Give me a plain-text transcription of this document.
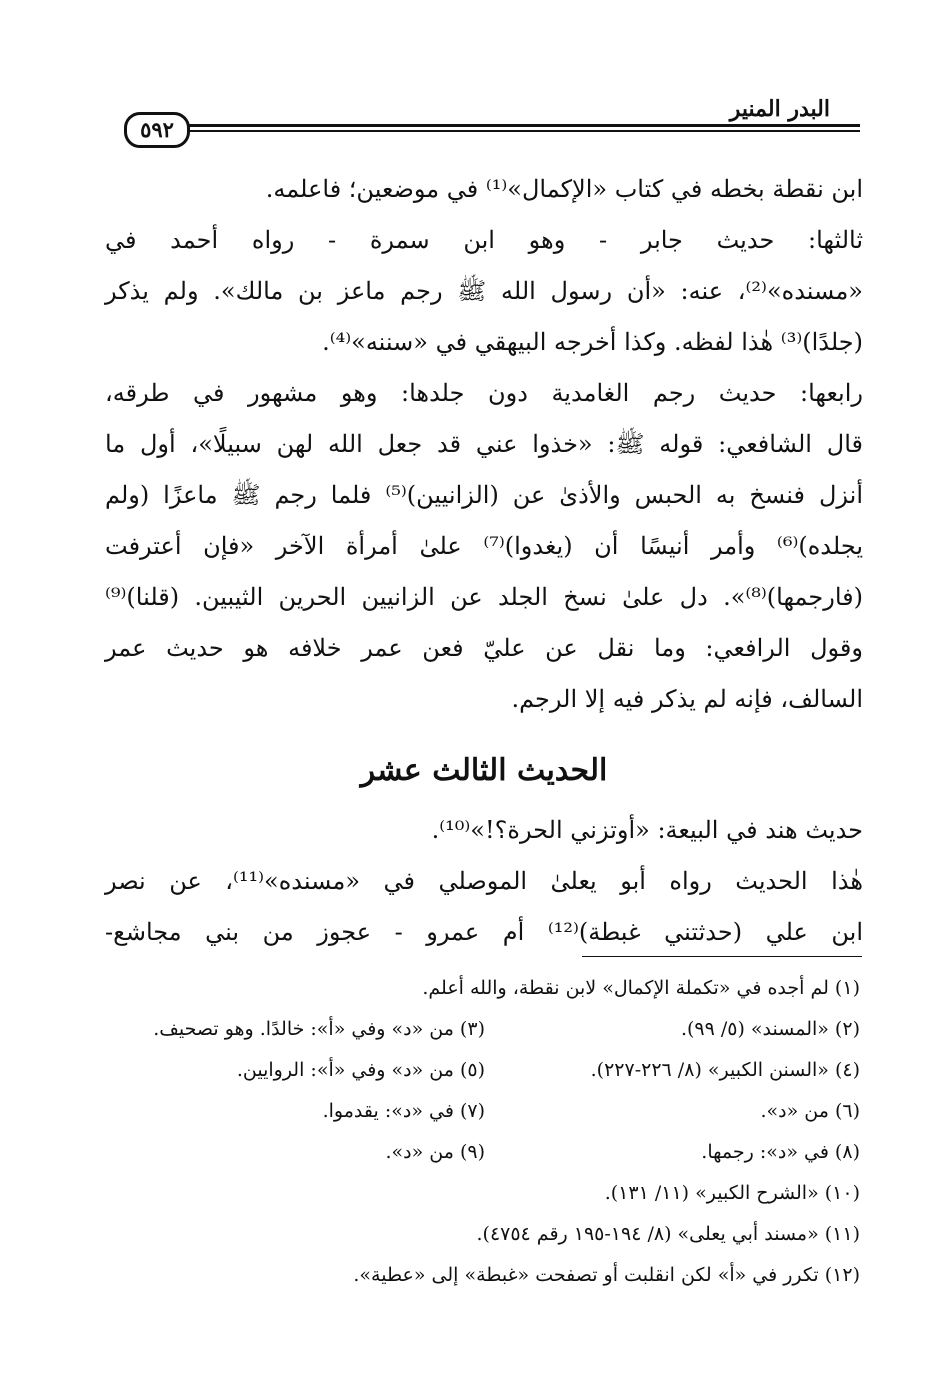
البدر المنير
٥٩٢
ابن نقطة بخطه في كتاب «الإكمال»⁽¹⁾ في موضعين؛ فاعلمه.
ثالثها: حديث جابر - وهو ابن سمرة - رواه أحمد في
«مسنده»⁽²⁾، عنه: «أن رسول الله ﷺ رجم ماعز بن مالك». ولم يذكر
(جلدًا)⁽³⁾ هٰذا لفظه. وكذا أخرجه البيهقي في «سننه»⁽⁴⁾.
رابعها: حديث رجم الغامدية دون جلدها: وهو مشهور في طرقه،
قال الشافعي: قوله ﷺ: «خذوا عني قد جعل الله لهن سبيلًا»، أول ما
أنزل فنسخ به الحبس والأذىٰ عن (الزانيين)⁽⁵⁾ فلما رجم ﷺ ماعزًا (ولم
يجلده)⁽⁶⁾ وأمر أنيسًا أن (يغدوا)⁽⁷⁾ علىٰ أمرأة الآخر «فإن أعترفت
(فارجمها)⁽⁸⁾». دل علىٰ نسخ الجلد عن الزانيين الحرين الثيبين. (قلنا)⁽⁹⁾
وقول الرافعي: وما نقل عن عليّ فعن عمر خلافه هو حديث عمر
السالف، فإنه لم يذكر فيه إلا الرجم.
الحديث الثالث عشر
حديث هند في البيعة: «أوتزني الحرة؟!»⁽¹⁰⁾.
هٰذا الحديث رواه أبو يعلىٰ الموصلي في «مسنده»⁽¹¹⁾، عن نصر
ابن علي (حدثتني غبطة)⁽¹²⁾ أم عمرو - عجوز من بني مجاشع-
(١) لم أجده في «تكملة الإكمال» لابن نقطة، والله أعلم.
(٢) «المسند» (٥/ ٩٩).
(٣) من «د» وفي «أ»: خالدًا. وهو تصحيف.
(٤) «السنن الكبير» (٨/ ٢٢٦-٢٢٧).
(٥) من «د» وفي «أ»: الروايين.
(٦) من «د».
(٧) في «د»: يقدموا.
(٨) في «د»: رجمها.
(٩) من «د».
(١٠) «الشرح الكبير» (١١/ ١٣١).
(١١) «مسند أبي يعلى» (٨/ ١٩٤-١٩٥ رقم ٤٧٥٤).
(١٢) تكرر في «أ» لكن انقلبت أو تصفحت «غبطة» إلى «عطية».
